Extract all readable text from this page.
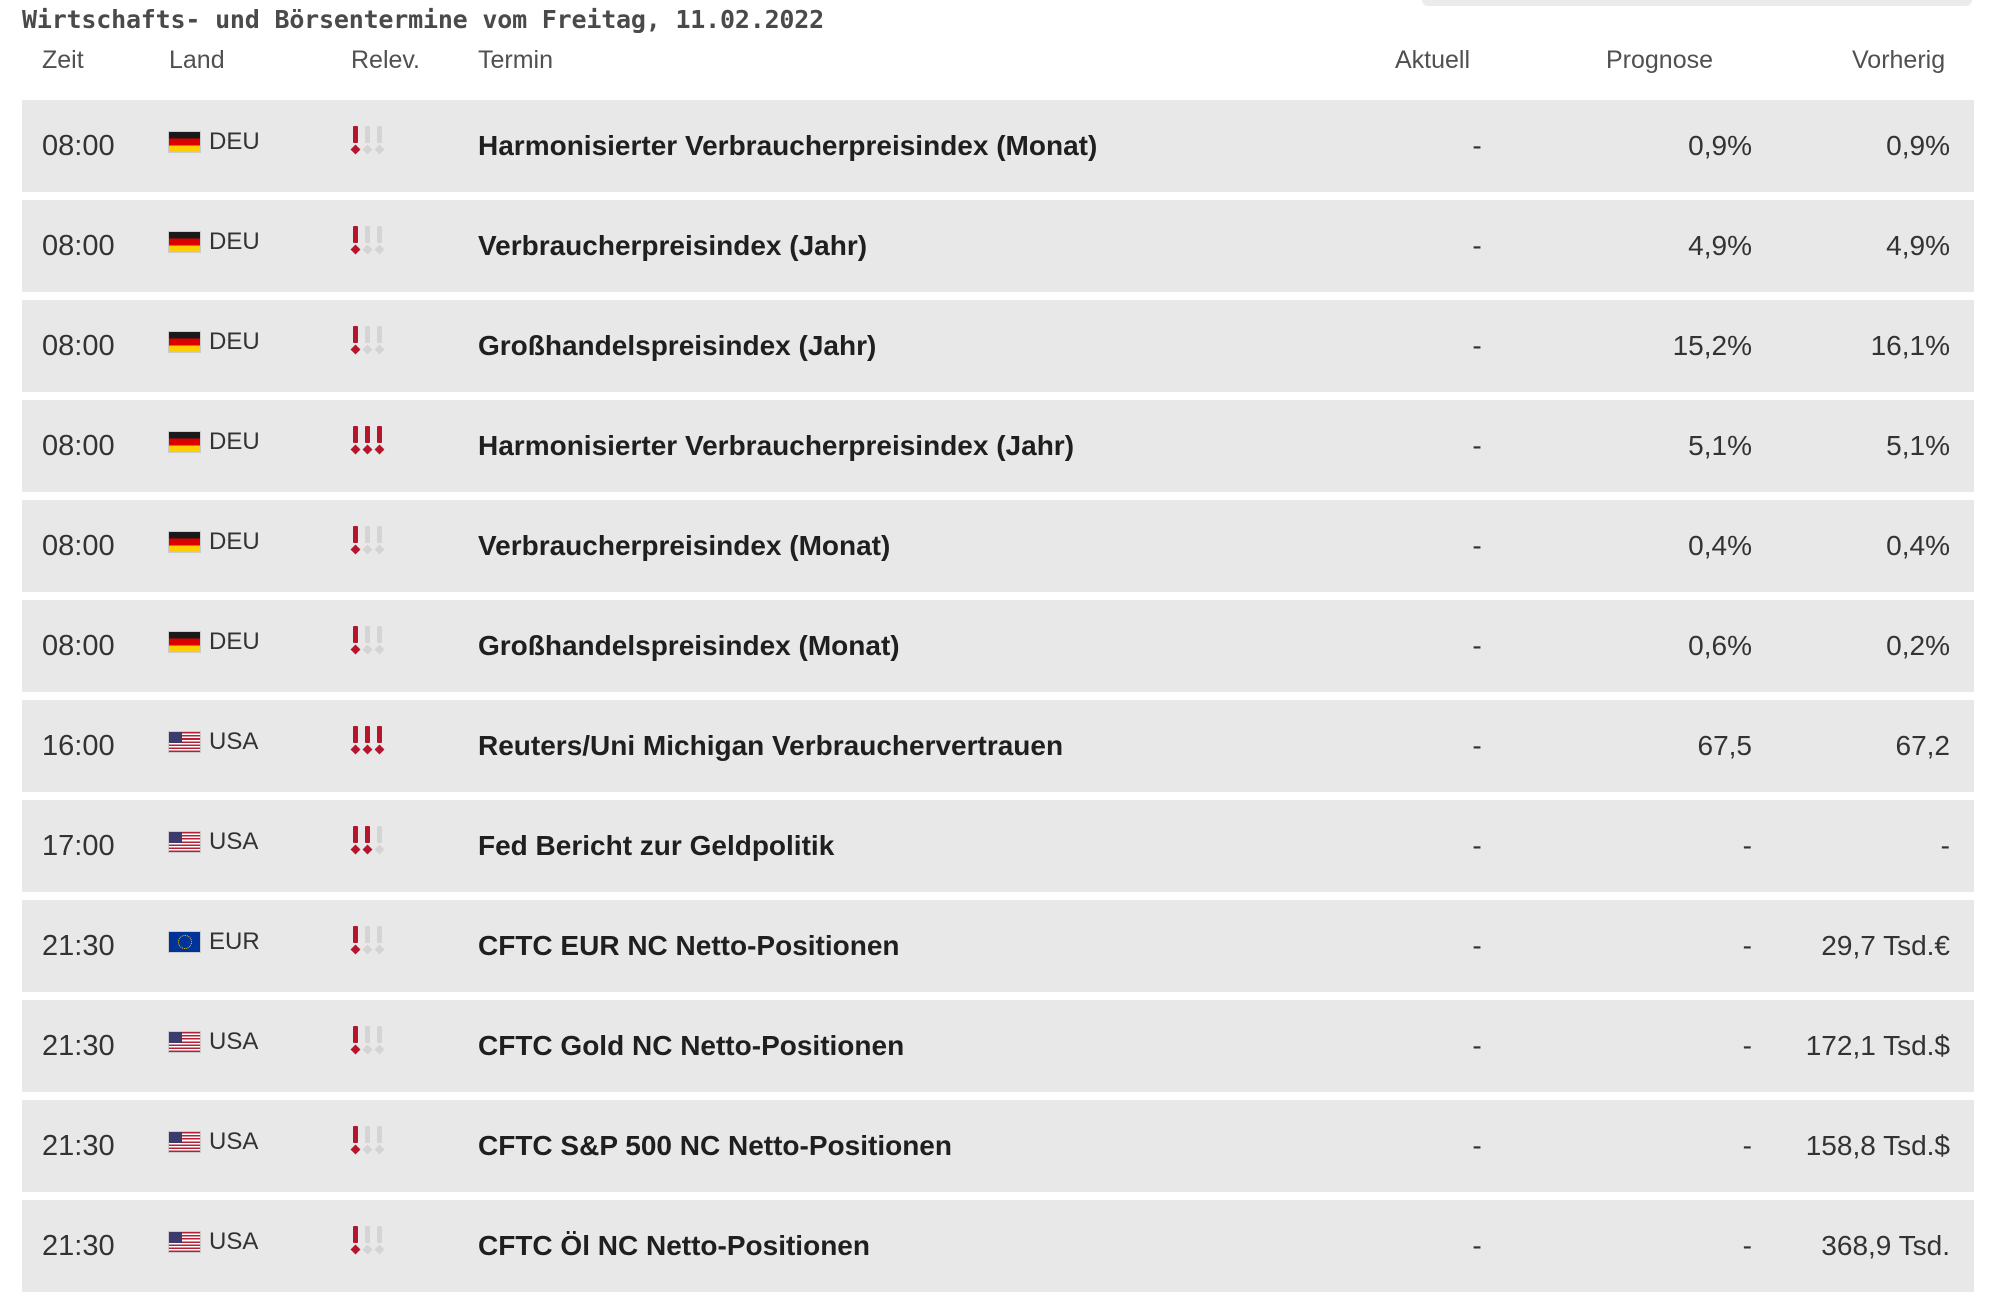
Wirtschafts- und Börsentermine vom Freitag, 11.02.2022
Zeit	Land	Relev. Termin	Aktuell	Prognose	Vorherig
08:00	DEU	Harmonisierter Verbraucherpreisindex (Monat)	-	0,9%	0,9%
08:00	DEU	Verbraucherpreisindex (Jahr)	-	4,9%	4,9%
08:00	DEU	Großhandelspreisindex (Jahr)	-	15,2%	16,1%
08:00	DEU	Harmonisierter Verbraucherpreisindex (Jahr)	-	5,1%	5,1%
08:00	DEU	Verbraucherpreisindex (Monat)	-	0,4%	0,4%
08:00	DEU	Großhandelspreisindex (Monat)	-	0,6%	0,2%
16:00	USA	Reuters/Uni Michigan Verbrauchervertrauen	-	67,5	67,2
17:00	USA	Fed Bericht zur Geldpolitik	-	-	-
21:30	EUR	CFTC EUR NC Netto-Positionen	-	-	29,7 Tsd.€
21:30	USA	CFTC Gold NC Netto-Positionen	-	-	172,1 Tsd.$
21:30	USA	CFTC S&P 500 NC Netto-Positionen	-	-	158,8 Tsd.$
21:30	USA	CFTC Öl NC Netto-Positionen	-	-	368,9 Tsd.
